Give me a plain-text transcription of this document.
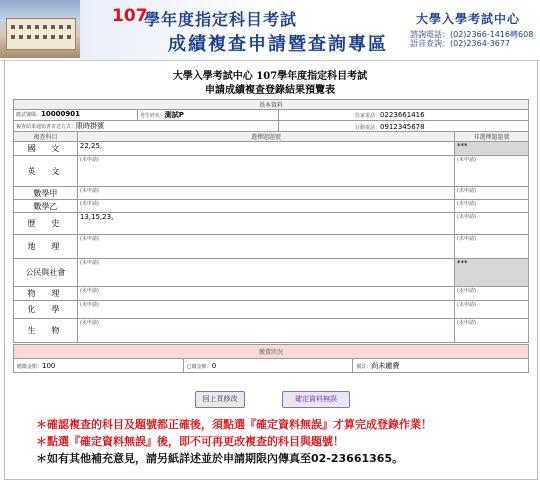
107
學年度指定科目考試
成績複查申請暨查詢專區
大學入學考試中心
諮詢電話：(02)2366-1416轉608
語音查詢：(02)2364-3677
大學入學考試中心 107學年度指定科目考試
申請成績複查登錄結果預覽表
基本資料				
應試號碼：10000901		考生姓名：測試P		
複查結果通知書寄送方式：限時掛號				
複查科目	選擇題題號			非選擇題題號
國　文	22,25,			***
英　文	(未申請)			(未申請)
數學甲	(未申請)			(未申請)
數學乙	(未申請)			(未申請)
歷　史	13,15,23,			(未申請)
地　理	(未申請)			(未申請)
公民與社會	(未申請)			***
物　理	(未申請)			(未申請)
化　學	(未申請)			(未申請)
生　物	(未申請)			(未申請)
住家電話：0223661416
行動電話：0912345678
繳費狀況
應繳金額：100	已繳金額：0	備註：尚未繳費
回上頁修改	確定資料無誤
＊確認複查的科目及題號都正確後，須點選『確定資料無誤』才算完成登錄作業！
＊點選『確定資料無誤』後，即不可再更改複查的科目與題號！
＊如有其他補充意見，請另紙詳述並於申請期限內傳真至02-23661365。
